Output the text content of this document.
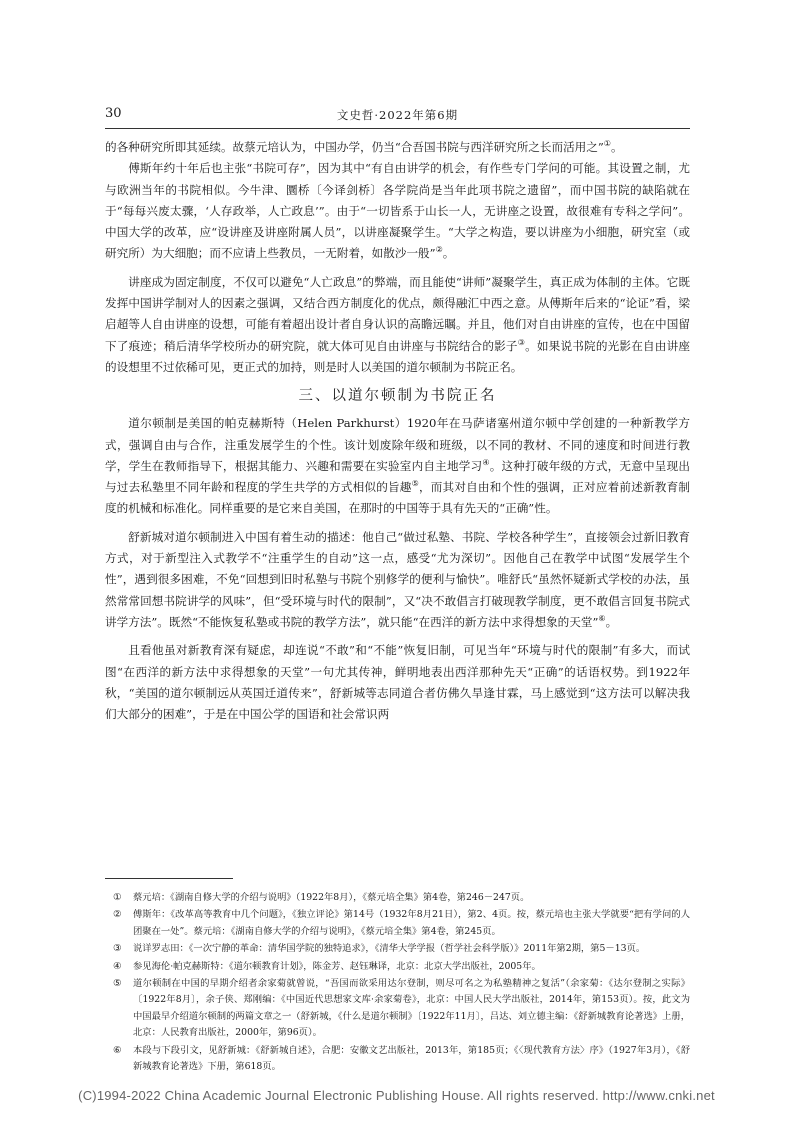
30	文史哲·2022年第6期

的各种研究所即其延续。故蔡元培认为，中国办学，仍当“合吾国书院与西洋研究所之长而活用之”①。

傅斯年约十年后也主张“书院可存”，因为其中“有自由讲学的机会，有作些专门学问的可能。其设置之制，尤与欧洲当年的书院相似。今牛津、圜桥〔今译剑桥〕各学院尚是当年此项书院之遗留”，而中国书院的缺陷就在于“每每兴废太骤，‘人存政举，人亡政息’”。由于“一切皆系于山长一人，无讲座之设置，故很难有专科之学问”。中国大学的改革，应“设讲座及讲座附属人员”，以讲座凝聚学生。“大学之构造，要以讲座为小细胞，研究室（或研究所）为大细胞；而不应请上些教员，一无附着，如散沙一般”②。

讲座成为固定制度，不仅可以避免“人亡政息”的弊端，而且能使“讲师”凝聚学生，真正成为体制的主体。它既发挥中国讲学制对人的因素之强调，又结合西方制度化的优点，颇得融汇中西之意。从傅斯年后来的“论证”看，梁启超等人自由讲座的设想，可能有着超出设计者自身认识的高瞻远瞩。并且，他们对自由讲座的宣传，也在中国留下了痕迹；稍后清华学校所办的研究院，就大体可见自由讲座与书院结合的影子③。如果说书院的光影在自由讲座的设想里不过依稀可见，更正式的加持，则是时人以美国的道尔顿制为书院正名。

三、以道尔顿制为书院正名

道尔顿制是美国的帕克赫斯特（Helen Parkhurst）1920年在马萨诸塞州道尔顿中学创建的一种新教学方式，强调自由与合作，注重发展学生的个性。该计划废除年级和班级，以不同的教材、不同的速度和时间进行教学，学生在教师指导下，根据其能力、兴趣和需要在实验室内自主地学习④。这种打破年级的方式，无意中呈现出与过去私塾里不同年龄和程度的学生共学的方式相似的旨趣⑤，而其对自由和个性的强调，正对应着前述新教育制度的机械和标准化。同样重要的是它来自美国，在那时的中国等于具有先天的“正确”性。

舒新城对道尔顿制进入中国有着生动的描述：他自己“做过私塾、书院、学校各种学生”，直接领会过新旧教育方式，对于新型注入式教学不“注重学生的自动”这一点，感受“尤为深切”。因他自己在教学中试图“发展学生个性”，遇到很多困难，不免“回想到旧时私塾与书院个别修学的便利与愉快”。唯舒氏“虽然怀疑新式学校的办法，虽然常常回想书院讲学的风味”，但“受环境与时代的限制”，又“决不敢倡言打破现教学制度，更不敢倡言回复书院式讲学方法”。既然“不能恢复私塾或书院的教学方法”，就只能“在西洋的新方法中求得想象的天堂”⑥。

且看他虽对新教育深有疑虑，却连说“不敢”和“不能”恢复旧制，可见当年“环境与时代的限制”有多大，而试图“在西洋的新方法中求得想象的天堂”一句尤其传神，鲜明地表出西洋那种先天“正确”的话语权势。到1922年秋，“美国的道尔顿制远从英国迁道传来”，舒新城等志同道合者仿佛久旱逢甘霖，马上感觉到“这方法可以解决我们大部分的困难”，于是在中国公学的国语和社会常识两

①	蔡元培：《湖南自修大学的介绍与说明》（1922年8月），《蔡元培全集》第4卷，第246－247页。
②	傅斯年：《改革高等教育中几个问题》，《独立评论》第14号（1932年8月21日），第2、4页。按，蔡元培也主张大学就要“把有学问的人团聚在一处”。蔡元培：《湖南自修大学的介绍与说明》，《蔡元培全集》第4卷，第245页。
③	说详罗志田：《一次宁静的革命：清华国学院的独特追求》，《清华大学学报（哲学社会科学版）》2011年第2期，第5－13页。
④	参见海伦·帕克赫斯特：《道尔顿教育计划》，陈金芳、赵钰琳译，北京：北京大学出版社，2005年。
⑤	道尔顿制在中国的早期介绍者余家菊就曾说，“吾国而欲采用达尔登制，则尽可名之为私塾精神之复活”（余家菊：《达尔登制之实际》〔1922年8月〕，余子侠、郑刚编：《中国近代思想家文库·余家菊卷》，北京：中国人民大学出版社，2014年，第153页）。按，此文为中国最早介绍道尔顿制的两篇文章之一（舒新城，《什么是道尔顿制》〔1922年11月〕，吕达、刘立德主编：《舒新城教育论著选》上册，北京：人民教育出版社，2000年，第96页）。
⑥	本段与下段引文，见舒新城：《舒新城自述》，合肥：安徽文艺出版社，2013年，第185页；《〈现代教育方法〉序》（1927年3月），《舒新城教育论著选》下册，第618页。
(C)1994-2022 China Academic Journal Electronic Publishing House. All rights reserved. http://www.cnki.net
